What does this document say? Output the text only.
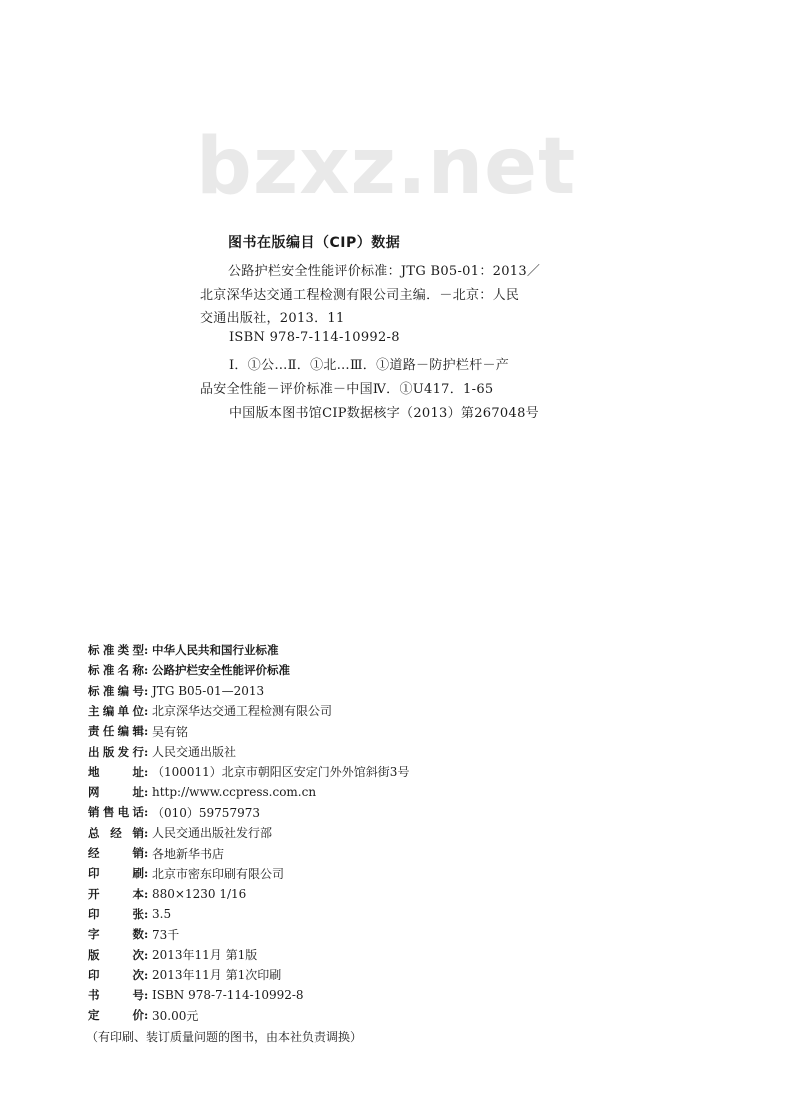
bzxz.net
图书在版编目（CIP）数据
公路护栏安全性能评价标准：JTG B05-01：2013／
北京深华达交通工程检测有限公司主编．－北京：人民
交通出版社，2013．11
ISBN 978-7-114-10992-8
Ⅰ．①公…Ⅱ．①北…Ⅲ．①道路－防护栏杆－产
品安全性能－评价标准－中国Ⅳ．①U417．1-65
中国版本图书馆CIP数据核字（2013）第267048号
标准类型 : 中华人民共和国行业标准
标准名称 : 公路护栏安全性能评价标准
标准编号 : JTG B05-01—2013
主编单位 : 北京深华达交通工程检测有限公司
责任编辑 : 吴有铭
出版发行 : 人民交通出版社
地址 : （100011）北京市朝阳区安定门外外馆斜街3号
网址 : http://www.ccpress.com.cn
销售电话 : （010）59757973
总经销 : 人民交通出版社发行部
经销 : 各地新华书店
印刷 : 北京市密东印刷有限公司
开本 : 880×1230 1/16
印张 : 3.5
字数 : 73千
版次 : 2013年11月 第1版
印次 : 2013年11月 第1次印刷
书号 : ISBN 978-7-114-10992-8
定价 : 30.00元
（有印刷、装订质量问题的图书，由本社负责调换）
